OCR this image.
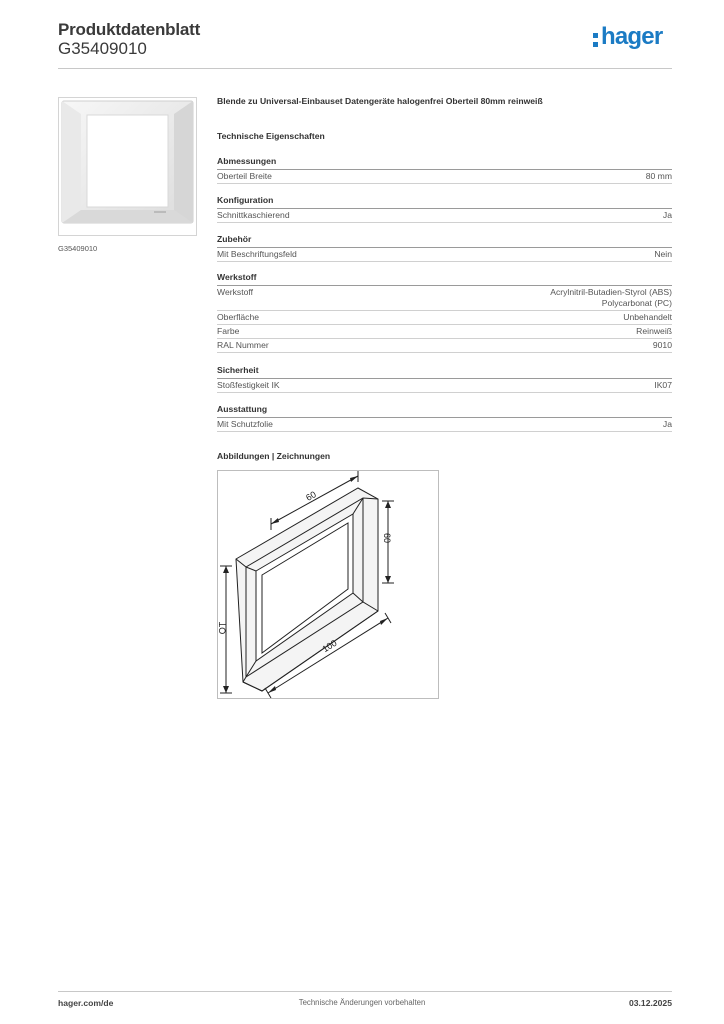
Produktdatenblatt
G35409010	hager
G35409010
Blende zu Universal-Einbauset Datengeräte halogenfrei Oberteil 80mm reinweiß
Technische Eigenschaften
Abmessungen
Oberteil Breite	80 mm
Konfiguration
Schnittkaschierend	Ja
Zubehör
Mit Beschriftungsfeld	Nein
Werkstoff
Werkstoff	Acrylnitril-Butadien-Styrol (ABS)
Polycarbonat (PC)
Oberfläche	Unbehandelt
Farbe	Reinweiß
RAL Nummer	9010
Sicherheit
Stoßfestigkeit IK	IK07
Ausstattung
Mit Schutzfolie	Ja
Abbildungen | Zeichnungen
60
60
OT
100
hager.com/de	Technische Änderungen vorbehalten	03.12.2025
